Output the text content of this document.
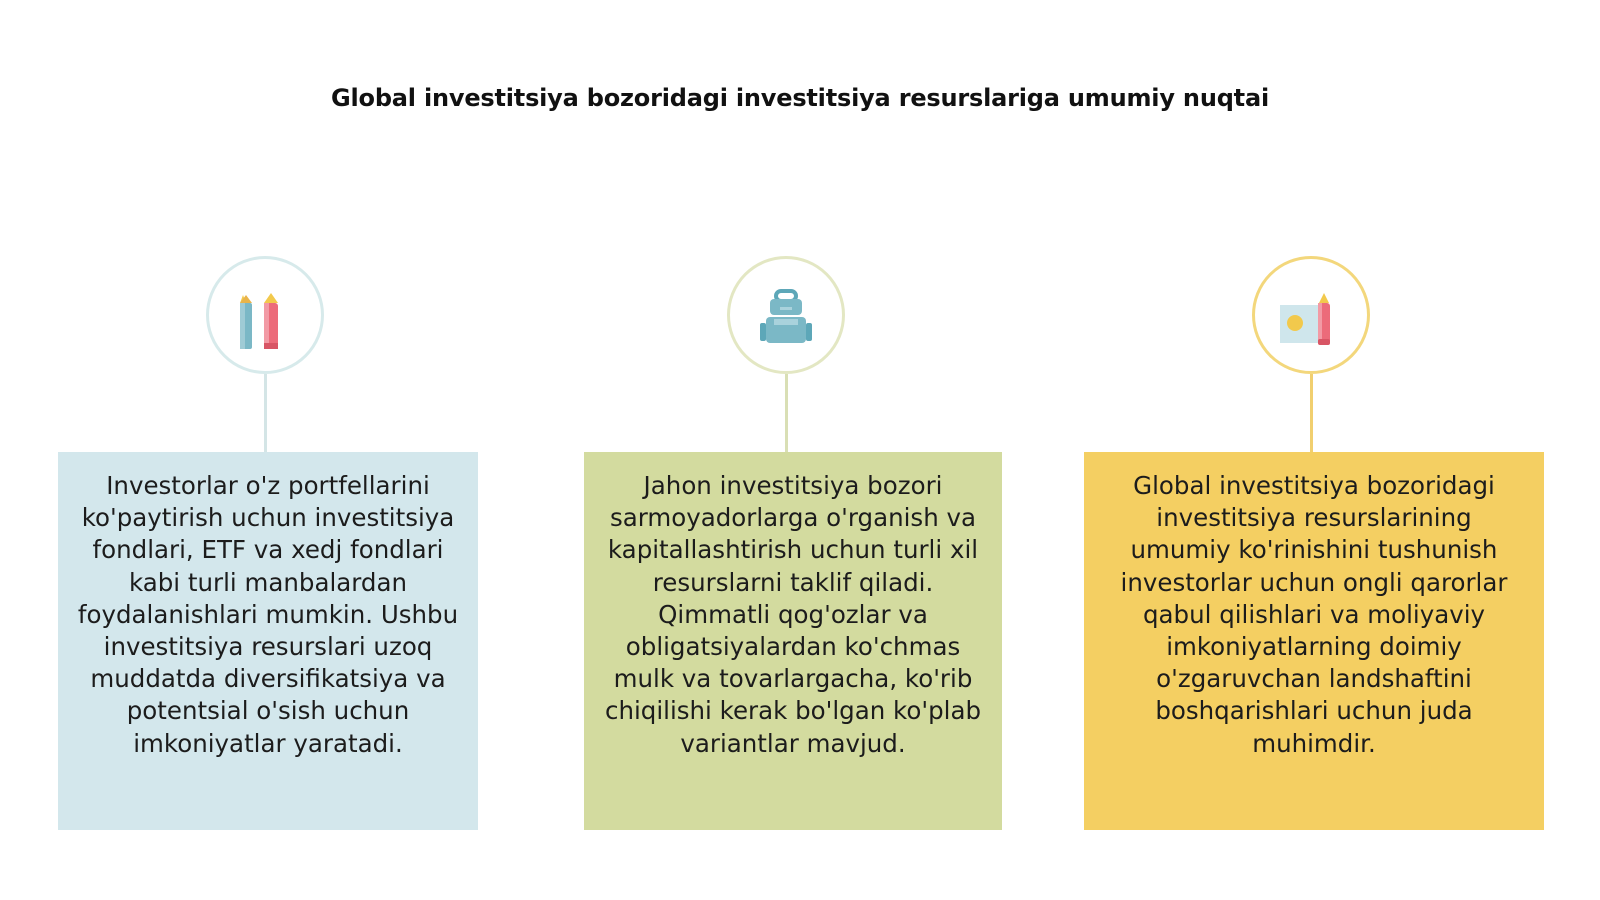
Global investitsiya bozoridagi investitsiya resurslariga umumiy nuqtai
Investorlar o'z portfellarini ko'paytirish uchun investitsiya fondlari, ETF va xedj fondlari kabi turli manbalardan foydalanishlari mumkin. Ushbu investitsiya resurslari uzoq muddatda diversifikatsiya va potentsial o'sish uchun imkoniyatlar yaratadi.
Jahon investitsiya bozori sarmoyadorlarga o'rganish va kapitallashtirish uchun turli xil resurslarni taklif qiladi. Qimmatli qog'ozlar va obligatsiyalardan ko'chmas mulk va tovarlargacha, ko'rib chiqilishi kerak bo'lgan ko'plab variantlar mavjud.
Global investitsiya bozoridagi investitsiya resurslarining umumiy ko'rinishini tushunish investorlar uchun ongli qarorlar qabul qilishlari va moliyaviy imkoniyatlarning doimiy o'zgaruvchan landshaftini boshqarishlari uchun juda muhimdir.
